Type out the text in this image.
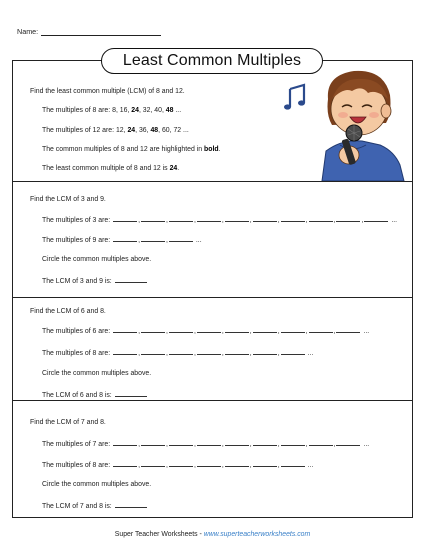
Name:
Least Common Multiples
Find the least common multiple (LCM) of 8 and 12.
The multiples of 8 are: 8, 16, 24, 32, 40, 48 ...
The multiples of 12 are: 12, 24, 36, 48, 60, 72 ...
The common multiples of 8 and 12 are highlighted in bold.
The least common multiple of 8 and 12 is 24.
Find the LCM of 3 and 9.
The multiples of 3 are:	,	,	,	,	,	,	,	,	,	...
The multiples of 9 are:	,	,	...
Circle the common multiples above.
The LCM of 3 and 9 is:
Find the LCM of 6 and 8.
The multiples of 6 are:	,	,	,	,	,	,	,	,	...
The multiples of 8 are:	,	,	,	,	,	,	...
Circle the common multiples above.
The LCM of 6 and 8 is:
Find the LCM of 7 and 8.
The multiples of 7 are:	,	,	,	,	,	,	,	,	...
The multiples of 8 are:	,	,	,	,	,	,	...
Circle the common multiples above.
The LCM of 7 and 8 is:
Super Teacher Worksheets - www.superteacherworksheets.com
